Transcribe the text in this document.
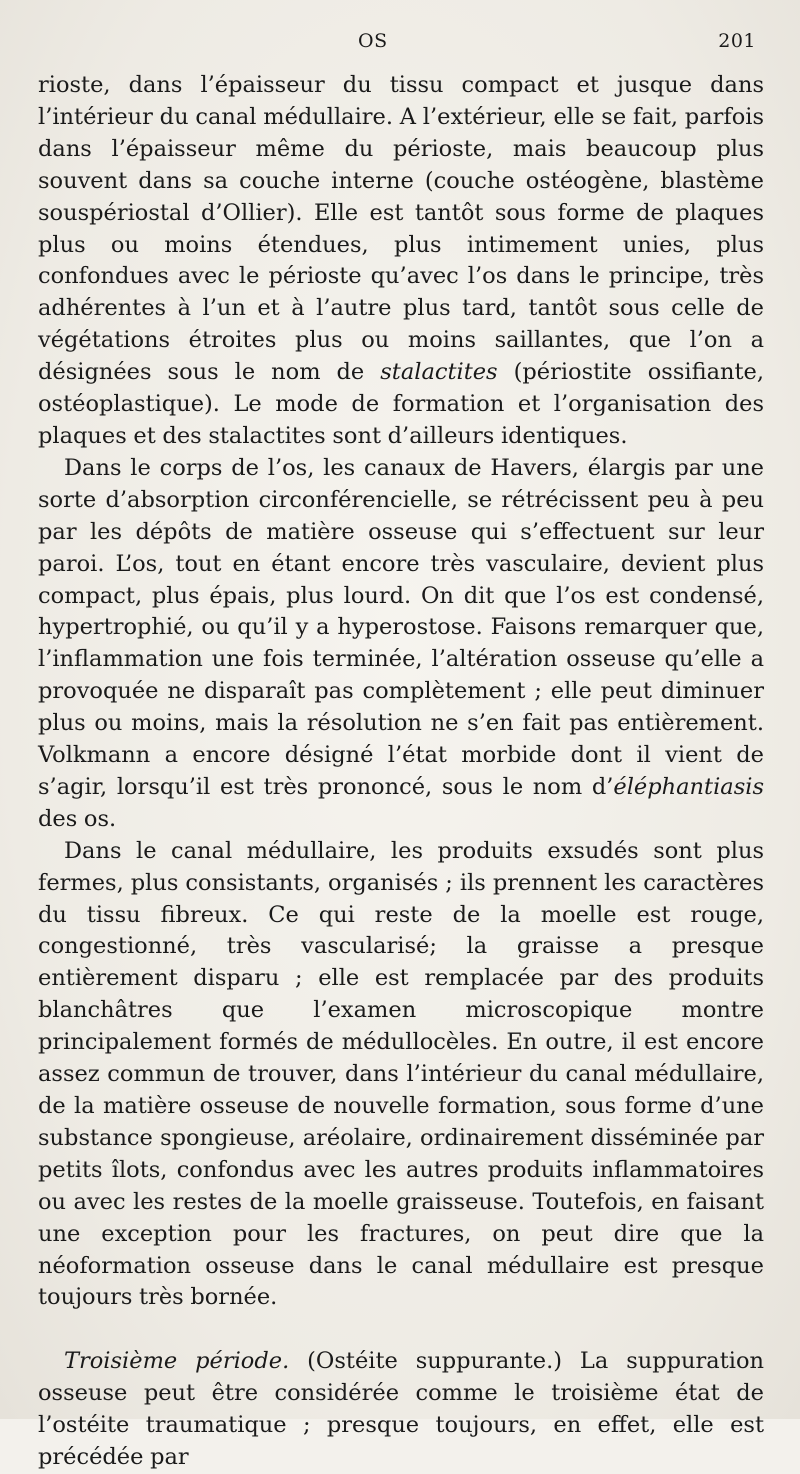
OS	201

rioste, dans l’épaisseur du tissu compact et jusque dans l’intérieur du canal médullaire. A l’extérieur, elle se fait, parfois dans l’épaisseur même du périoste, mais beaucoup plus souvent dans sa couche interne (couche ostéogène, blastème souspériostal d’Ollier). Elle est tantôt sous forme de plaques plus ou moins étendues, plus intimement unies, plus confondues avec le périoste qu’avec l’os dans le principe, très adhérentes à l’un et à l’autre plus tard, tantôt sous celle de végétations étroites plus ou moins saillantes, que l’on a désignées sous le nom de stalactites (périostite ossifiante, ostéoplastique). Le mode de formation et l’organisation des plaques et des stalactites sont d’ailleurs identiques.

Dans le corps de l’os, les canaux de Havers, élargis par une sorte d’absorption circonférencielle, se rétrécissent peu à peu par les dépôts de matière osseuse qui s’effectuent sur leur paroi. L’os, tout en étant encore très vasculaire, devient plus compact, plus épais, plus lourd. On dit que l’os est condensé, hypertrophié, ou qu’il y a hyperostose. Faisons remarquer que, l’inflammation une fois terminée, l’altération osseuse qu’elle a provoquée ne disparaît pas complètement ; elle peut diminuer plus ou moins, mais la résolution ne s’en fait pas entièrement. Volkmann a encore désigné l’état morbide dont il vient de s’agir, lorsqu’il est très prononcé, sous le nom d’éléphantiasis des os.

Dans le canal médullaire, les produits exsudés sont plus fermes, plus consistants, organisés ; ils prennent les caractères du tissu fibreux. Ce qui reste de la moelle est rouge, congestionné, très vascularisé; la graisse a presque entièrement disparu ; elle est remplacée par des produits blanchâtres que l’examen microscopique montre principalement formés de médullocèles. En outre, il est encore assez commun de trouver, dans l’intérieur du canal médullaire, de la matière osseuse de nouvelle formation, sous forme d’une substance spongieuse, aréolaire, ordinairement disséminée par petits îlots, confondus avec les autres produits inflammatoires ou avec les restes de la moelle graisseuse. Toutefois, en faisant une exception pour les fractures, on peut dire que la néoformation osseuse dans le canal médullaire est presque toujours très bornée.

Troisième période. (Ostéite suppurante.) La suppuration osseuse peut être considérée comme le troisième état de l’ostéite traumatique ; presque toujours, en effet, elle est précédée par
